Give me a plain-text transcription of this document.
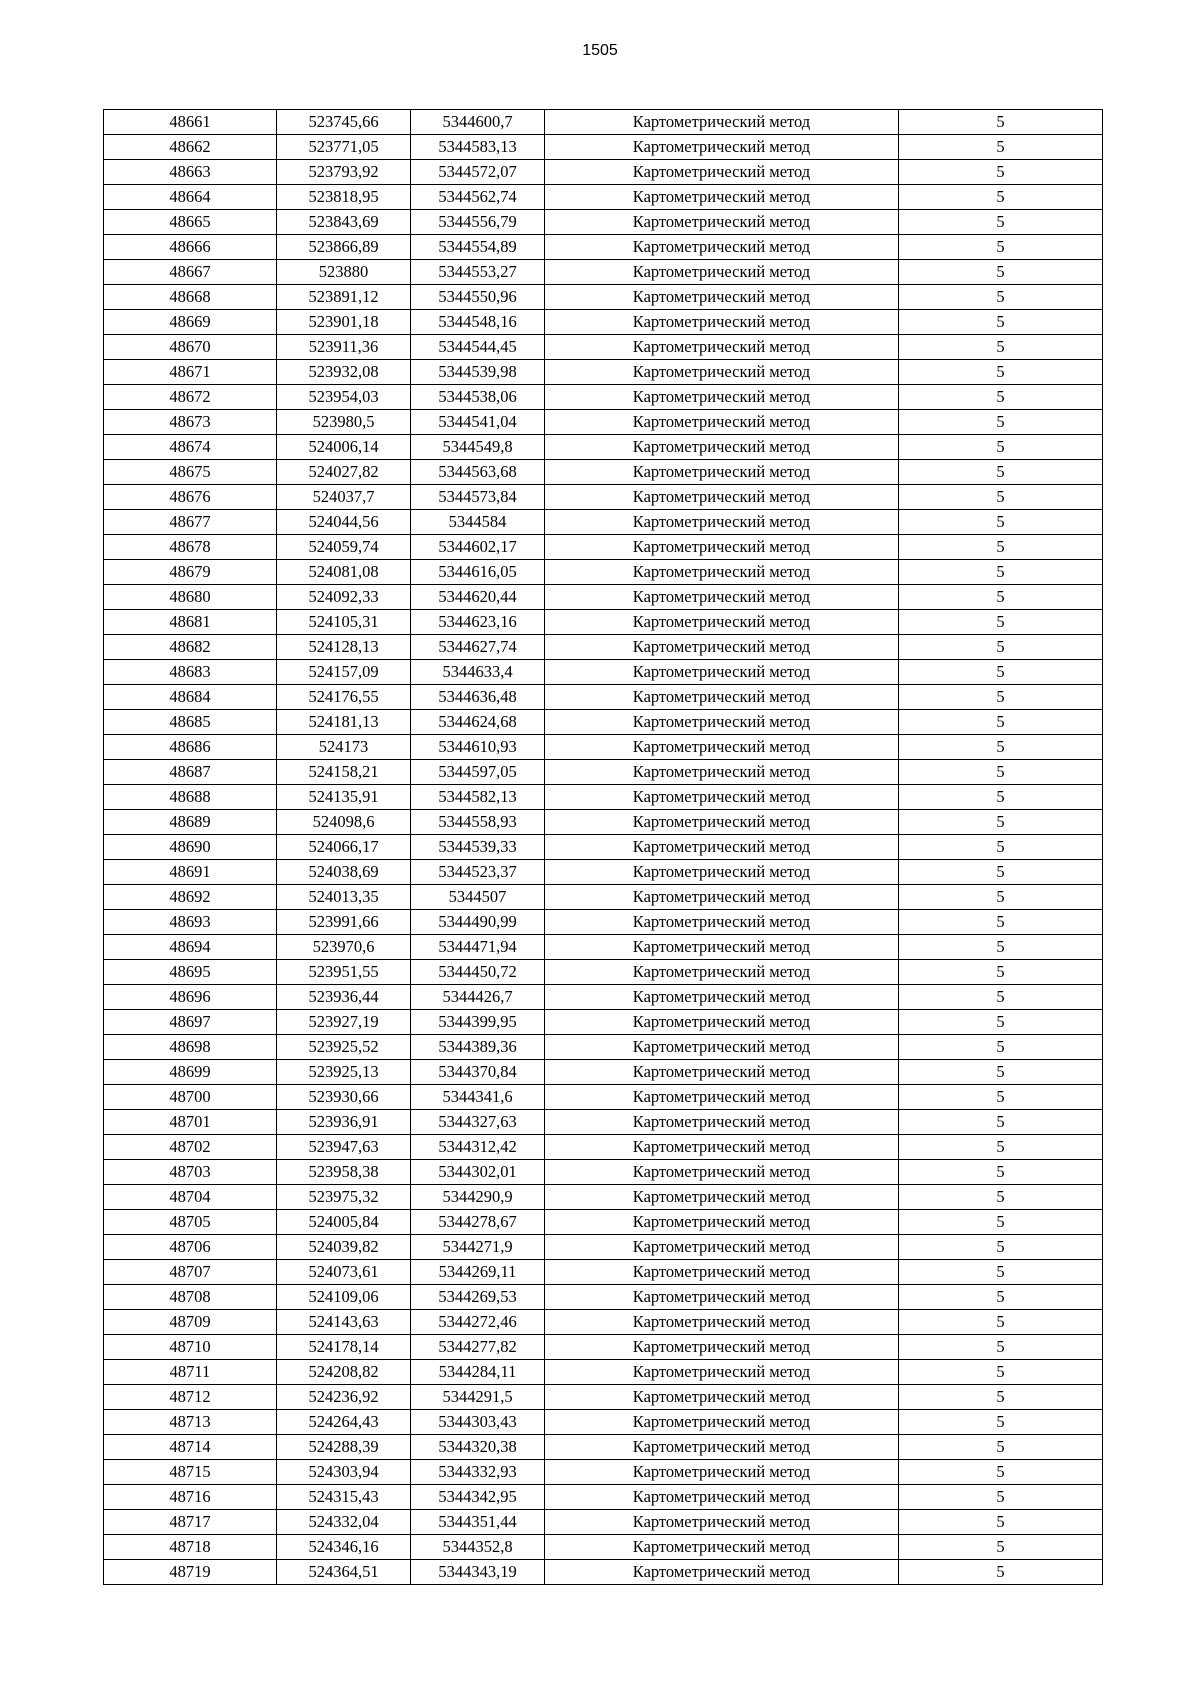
1505
48661	523745,66	5344600,7	Картометрический метод	5
48662	523771,05	5344583,13	Картометрический метод	5
48663	523793,92	5344572,07	Картометрический метод	5
48664	523818,95	5344562,74	Картометрический метод	5
48665	523843,69	5344556,79	Картометрический метод	5
48666	523866,89	5344554,89	Картометрический метод	5
48667	523880	5344553,27	Картометрический метод	5
48668	523891,12	5344550,96	Картометрический метод	5
48669	523901,18	5344548,16	Картометрический метод	5
48670	523911,36	5344544,45	Картометрический метод	5
48671	523932,08	5344539,98	Картометрический метод	5
48672	523954,03	5344538,06	Картометрический метод	5
48673	523980,5	5344541,04	Картометрический метод	5
48674	524006,14	5344549,8	Картометрический метод	5
48675	524027,82	5344563,68	Картометрический метод	5
48676	524037,7	5344573,84	Картометрический метод	5
48677	524044,56	5344584	Картометрический метод	5
48678	524059,74	5344602,17	Картометрический метод	5
48679	524081,08	5344616,05	Картометрический метод	5
48680	524092,33	5344620,44	Картометрический метод	5
48681	524105,31	5344623,16	Картометрический метод	5
48682	524128,13	5344627,74	Картометрический метод	5
48683	524157,09	5344633,4	Картометрический метод	5
48684	524176,55	5344636,48	Картометрический метод	5
48685	524181,13	5344624,68	Картометрический метод	5
48686	524173	5344610,93	Картометрический метод	5
48687	524158,21	5344597,05	Картометрический метод	5
48688	524135,91	5344582,13	Картометрический метод	5
48689	524098,6	5344558,93	Картометрический метод	5
48690	524066,17	5344539,33	Картометрический метод	5
48691	524038,69	5344523,37	Картометрический метод	5
48692	524013,35	5344507	Картометрический метод	5
48693	523991,66	5344490,99	Картометрический метод	5
48694	523970,6	5344471,94	Картометрический метод	5
48695	523951,55	5344450,72	Картометрический метод	5
48696	523936,44	5344426,7	Картометрический метод	5
48697	523927,19	5344399,95	Картометрический метод	5
48698	523925,52	5344389,36	Картометрический метод	5
48699	523925,13	5344370,84	Картометрический метод	5
48700	523930,66	5344341,6	Картометрический метод	5
48701	523936,91	5344327,63	Картометрический метод	5
48702	523947,63	5344312,42	Картометрический метод	5
48703	523958,38	5344302,01	Картометрический метод	5
48704	523975,32	5344290,9	Картометрический метод	5
48705	524005,84	5344278,67	Картометрический метод	5
48706	524039,82	5344271,9	Картометрический метод	5
48707	524073,61	5344269,11	Картометрический метод	5
48708	524109,06	5344269,53	Картометрический метод	5
48709	524143,63	5344272,46	Картометрический метод	5
48710	524178,14	5344277,82	Картометрический метод	5
48711	524208,82	5344284,11	Картометрический метод	5
48712	524236,92	5344291,5	Картометрический метод	5
48713	524264,43	5344303,43	Картометрический метод	5
48714	524288,39	5344320,38	Картометрический метод	5
48715	524303,94	5344332,93	Картометрический метод	5
48716	524315,43	5344342,95	Картометрический метод	5
48717	524332,04	5344351,44	Картометрический метод	5
48718	524346,16	5344352,8	Картометрический метод	5
48719	524364,51	5344343,19	Картометрический метод	5
